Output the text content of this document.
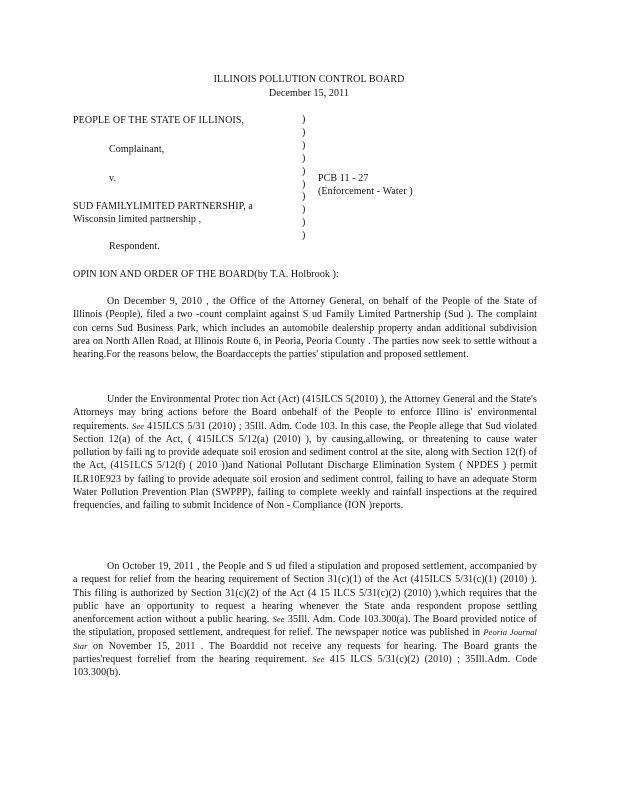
ILLINOIS POLLUTION CONTROL BOARD
December 15, 2011
PEOPLE OF THE STATE OF ILLINOIS,
Complainant,
v.	PCB 11 - 27
(Enforcement - Water )
SUD FAMILYLIMITED PARTNERSHIP, a
Wisconsin limited partnership ,
Respondent.
)
)
)
)
)
)
)
)
)
)
OPIN ION AND ORDER OF THE BOARD(by T.A. Holbrook ):

On December 9, 2010 , the Office of the Attorney General, on behalf of the People of the State of Illinois (People), filed a two -count complaint against S ud Family Limited Partnership (Sud ). The complaint con cerns Sud Business Park, which includes an automobile dealership property andan additional subdivision area on North Allen Road, at Illinois Route 6, in Peoria, Peoria County . The parties now seek to settle without a hearing.For the reasons below, the Boardaccepts the parties' stipulation and proposed settlement.

Under the Environmental Protec tion Act (Act) (415ILCS 5(2010) ), the Attorney General and the State's Attorneys may bring actions before the Board onbehalf of the People to enforce Illino is' environmental requirements. See 415ILCS 5/31 (2010) ; 35Ill. Adm. Code 103. In this case, the People allege that Sud violated Section 12(a) of the Act, ( 415ILCS 5/12(a) (2010) ), by causing,allowing, or threatening to cause water pollution by faili ng to provide adequate soil erosion and sediment control at the site, along with Section 12(f) of the Act, (4151LCS 5/12(f) ( 2010 ))and National Pollutant Discharge Elimination System ( NPDES ) permit ILR10E923 by failing to provide adequate soil erosion and sediment control, failing to have an adequate Storm Water Pollution Prevention Plan (SWPPP), failing to complete weekly and rainfall inspections at the required frequencies, and failing to submit Incidence of Non - Compliance (ION )reports.

On October 19, 2011 , the People and S ud filed a stipulation and proposed settlement, accompanied by a request for relief from the hearing requirement of Section 31(c)(1) of the Act (415ILCS 5/31(c)(1) (2010) ). This filing is authorized by Section 31(c)(2) of the Act (4 15 ILCS 5/31(c)(2) (2010) ),which requires that the public have an opportunity to request a hearing whenever the State anda respondent propose settling anenforcement action without a public hearing. See 35Ill. Adm. Code 103.300(a). The Board provided notice of the stipulation, proposed settlement, andrequest for relief. The newspaper notice was published in Peoria Journal Star on November 15, 2011 . The Boarddid not receive any requests for hearing. The Board grants the parties'request forrelief from the hearing requirement. See 415 ILCS 5/31(c)(2) (2010) ; 35Ill.Adm. Code 103.300(b).
